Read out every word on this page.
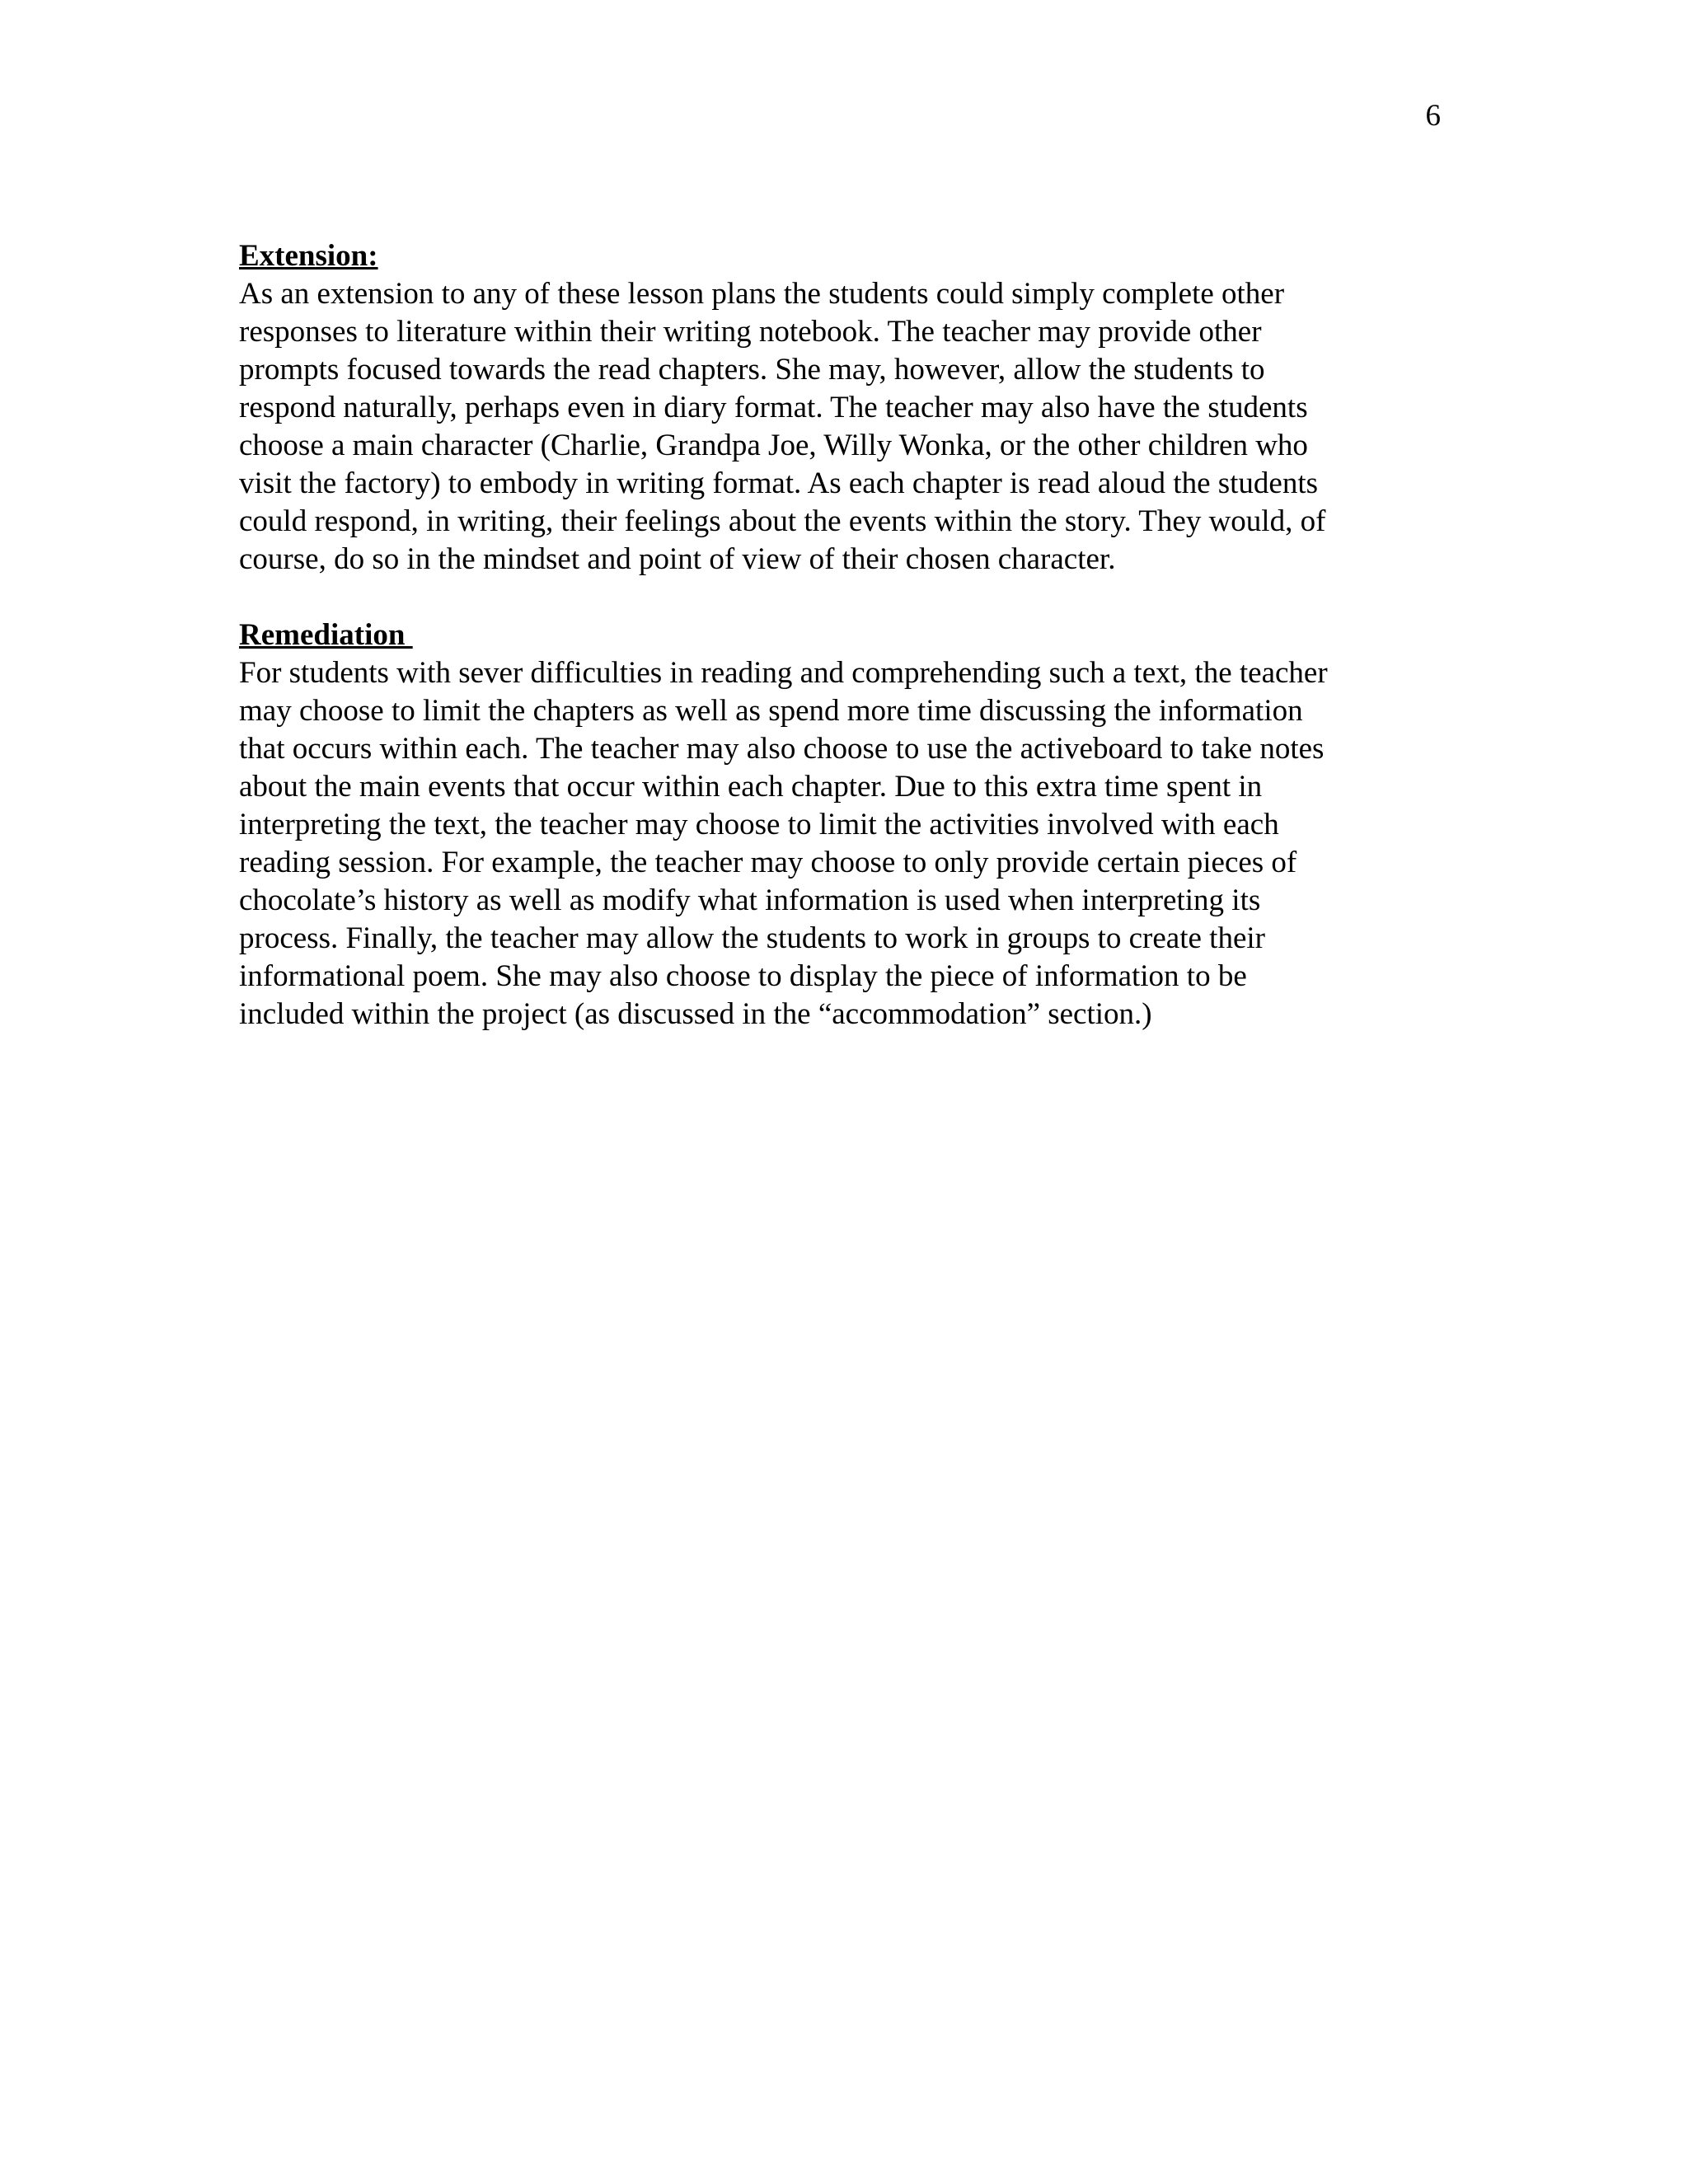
6
Extension:
As an extension to any of these lesson plans the students could simply complete other
responses to literature within their writing notebook. The teacher may provide other
prompts focused towards the read chapters. She may, however, allow the students to
respond naturally, perhaps even in diary format. The teacher may also have the students
choose a main character (Charlie, Grandpa Joe, Willy Wonka, or the other children who
visit the factory) to embody in writing format. As each chapter is read aloud the students
could respond, in writing, their feelings about the events within the story. They would, of
course, do so in the mindset and point of view of their chosen character.
Remediation
For students with sever difficulties in reading and comprehending such a text, the teacher
may choose to limit the chapters as well as spend more time discussing the information
that occurs within each. The teacher may also choose to use the activeboard to take notes
about the main events that occur within each chapter. Due to this extra time spent in
interpreting the text, the teacher may choose to limit the activities involved with each
reading session. For example, the teacher may choose to only provide certain pieces of
chocolate’s history as well as modify what information is used when interpreting its
process. Finally, the teacher may allow the students to work in groups to create their
informational poem. She may also choose to display the piece of information to be
included within the project (as discussed in the “accommodation” section.)
